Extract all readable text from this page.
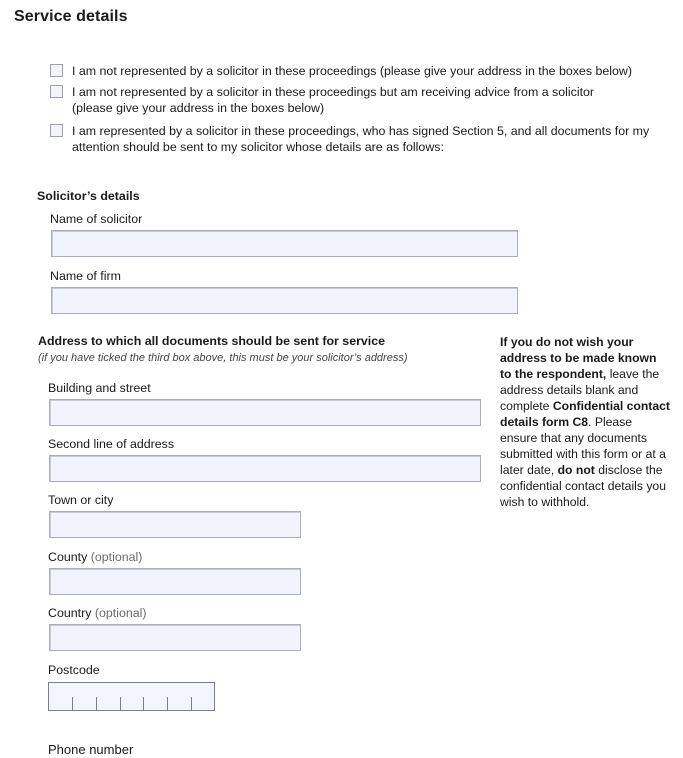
Service details
I am not represented by a solicitor in these proceedings (please give your address in the boxes below)
I am not represented by a solicitor in these proceedings but am receiving advice from a solicitor
(please give your address in the boxes below)
I am represented by a solicitor in these proceedings, who has signed Section 5, and all documents for my
attention should be sent to my solicitor whose details are as follows:
Solicitor’s details
Name of solicitor
Name of firm
Address to which all documents should be sent for service
(if you have ticked the third box above, this must be your solicitor’s address)
Building and street
Second line of address
Town or city
County (optional)
Country (optional)
Postcode
Phone number
If you do not wish your address to be made known to the respondent, leave the address details blank and complete Confidential contact details form C8. Please ensure that any documents submitted with this form or at a later date, do not disclose the confidential contact details you wish to withhold.
